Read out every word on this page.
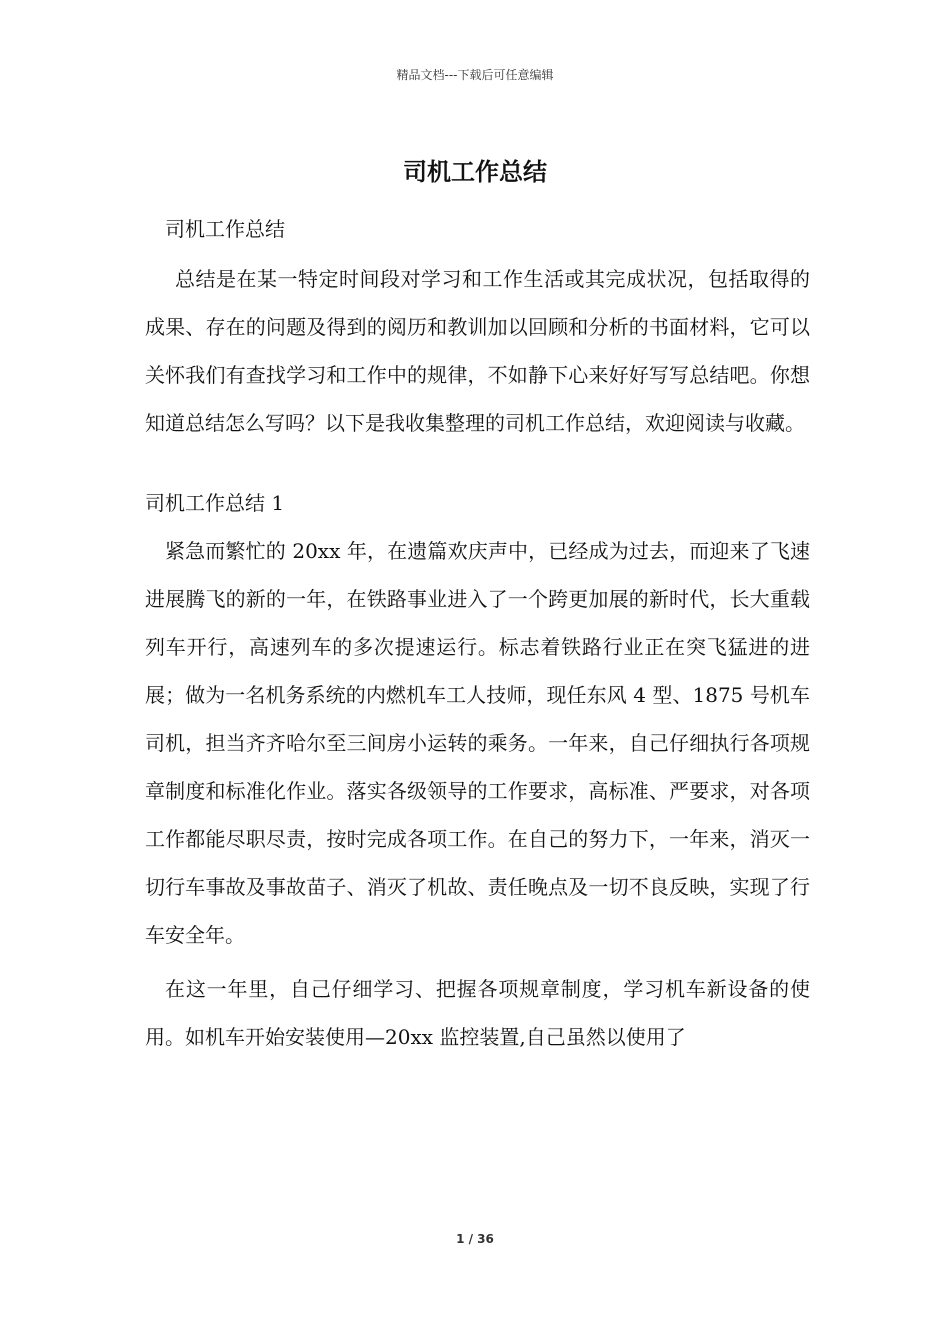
精品文档---下载后可任意编辑
司机工作总结

司机工作总结

总结是在某一特定时间段对学习和工作生活或其完成状况，包括取得的成果、存在的问题及得到的阅历和教训加以回顾和分析的书面材料，它可以关怀我们有查找学习和工作中的规律，不如静下心来好好写写总结吧。你想知道总结怎么写吗？以下是我收集整理的司机工作总结，欢迎阅读与收藏。

司机工作总结 1

紧急而繁忙的 20xx 年，在遗篇欢庆声中，已经成为过去，而迎来了飞速进展腾飞的新的一年，在铁路事业进入了一个跨更加展的新时代，长大重载列车开行，高速列车的多次提速运行。标志着铁路行业正在突飞猛进的进展；做为一名机务系统的内燃机车工人技师，现任东风 4 型、1875 号机车司机，担当齐齐哈尔至三间房小运转的乘务。一年来，自己仔细执行各项规章制度和标准化作业。落实各级领导的工作要求，高标准、严要求，对各项工作都能尽职尽责，按时完成各项工作。在自己的努力下，一年来，消灭一切行车事故及事故苗子、消灭了机故、责任晚点及一切不良反映，实现了行车安全年。

在这一年里，自己仔细学习、把握各项规章制度，学习机车新设备的使用。如机车开始安装使用—20xx 监控装置,自己虽然以使用了

1 / 36
